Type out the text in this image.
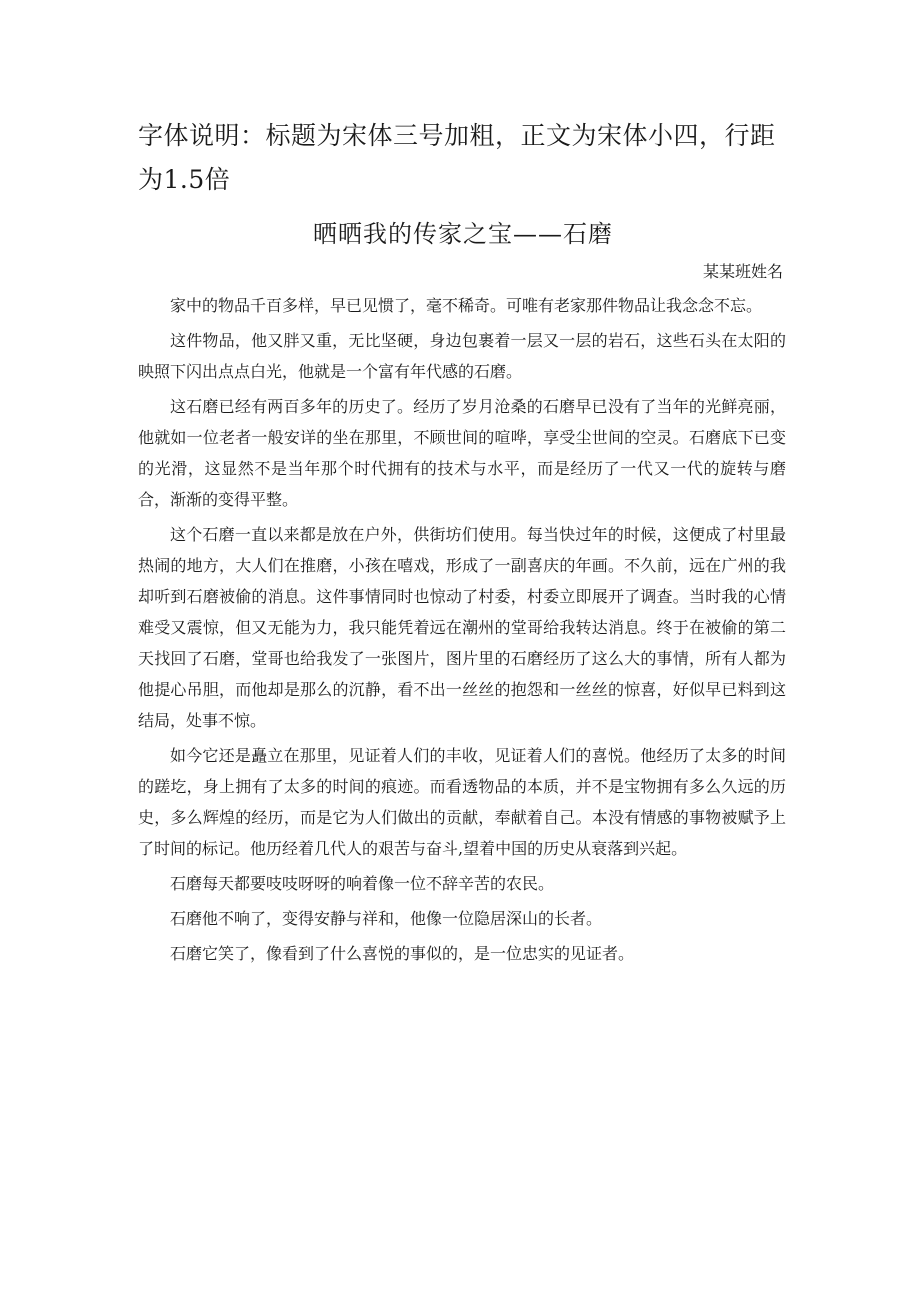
字体说明：标题为宋体三号加粗，正文为宋体小四，行距为1.5倍
晒晒我的传家之宝——石磨
某某班姓名

家中的物品千百多样，早已见惯了，毫不稀奇。可唯有老家那件物品让我念念不忘。

这件物品，他又胖又重，无比坚硬，身边包裹着一层又一层的岩石，这些石头在太阳的映照下闪出点点白光，他就是一个富有年代感的石磨。

这石磨已经有两百多年的历史了。经历了岁月沧桑的石磨早已没有了当年的光鲜亮丽，他就如一位老者一般安详的坐在那里，不顾世间的喧哗，享受尘世间的空灵。石磨底下已变的光滑，这显然不是当年那个时代拥有的技术与水平，而是经历了一代又一代的旋转与磨合，渐渐的变得平整。

这个石磨一直以来都是放在户外，供街坊们使用。每当快过年的时候，这便成了村里最热闹的地方，大人们在推磨，小孩在嘻戏，形成了一副喜庆的年画。不久前，远在广州的我却听到石磨被偷的消息。这件事情同时也惊动了村委，村委立即展开了调查。当时我的心情难受又震惊，但又无能为力，我只能凭着远在潮州的堂哥给我转达消息。终于在被偷的第二天找回了石磨，堂哥也给我发了一张图片，图片里的石磨经历了这么大的事情，所有人都为他提心吊胆，而他却是那么的沉静，看不出一丝丝的抱怨和一丝丝的惊喜，好似早已料到这结局，处事不惊。

如今它还是矗立在那里，见证着人们的丰收，见证着人们的喜悦。他经历了太多的时间的蹉圪，身上拥有了太多的时间的痕迹。而看透物品的本质，并不是宝物拥有多么久远的历史，多么辉煌的经历，而是它为人们做出的贡献，奉献着自己。本没有情感的事物被赋予上了时间的标记。他历经着几代人的艰苦与奋斗,望着中国的历史从衰落到兴起。

石磨每天都要吱吱呀呀的响着像一位不辞辛苦的农民。

石磨他不响了，变得安静与祥和，他像一位隐居深山的长者。

石磨它笑了，像看到了什么喜悦的事似的，是一位忠实的见证者。
